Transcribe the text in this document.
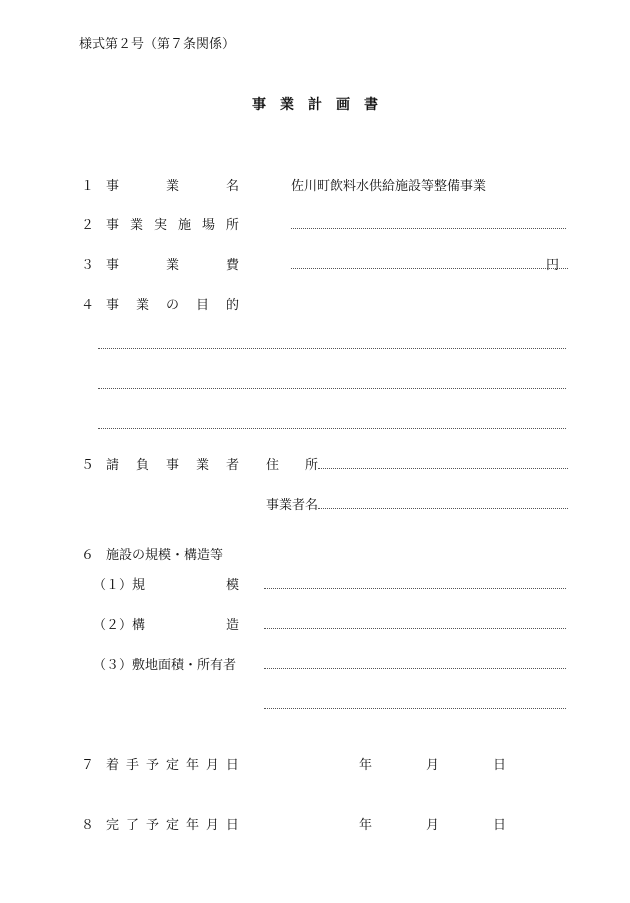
様式第２号（第７条関係）
事　業　計　画　書
１ 事	業	名	佐川町飲料水供給施設等整備事業
２ 事 業 実 施 場 所
３ 事	業	費	円
４ 事 業 の 目 的
５ 請 負 事 業 者 住 所
事業者名
６ 施設の規模・構造等
（１） 規	模
（２） 構	造
（３） 敷地面積・所有者
７ 着 手 予 定 年 月 日	年	月	日
８ 完 了 予 定 年 月 日	年	月	日
